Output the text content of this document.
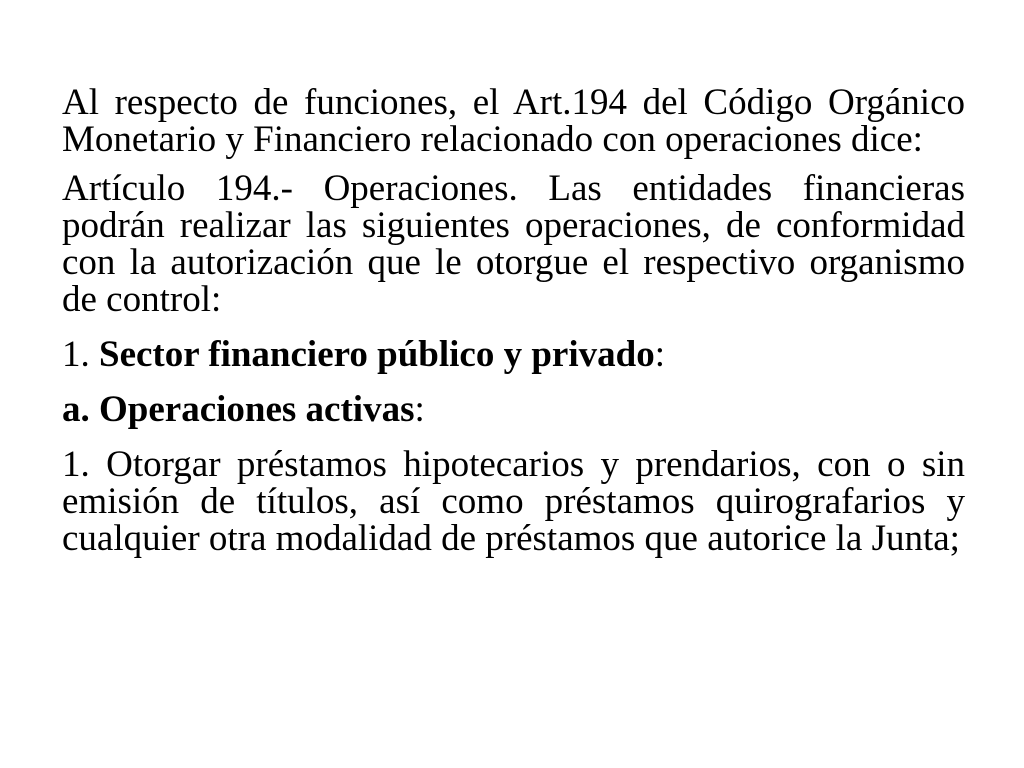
Al respecto de funciones, el Art.194 del Código Orgánico Monetario y Financiero relacionado con operaciones dice:

Artículo 194.- Operaciones. Las entidades financieras podrán realizar las siguientes operaciones, de conformidad con la autorización que le otorgue el respectivo organismo de control:

1. Sector financiero público y privado:

a. Operaciones activas:

1. Otorgar préstamos hipotecarios y prendarios, con o sin emisión de títulos, así como préstamos quirografarios y cualquier otra modalidad de préstamos que autorice la Junta;
